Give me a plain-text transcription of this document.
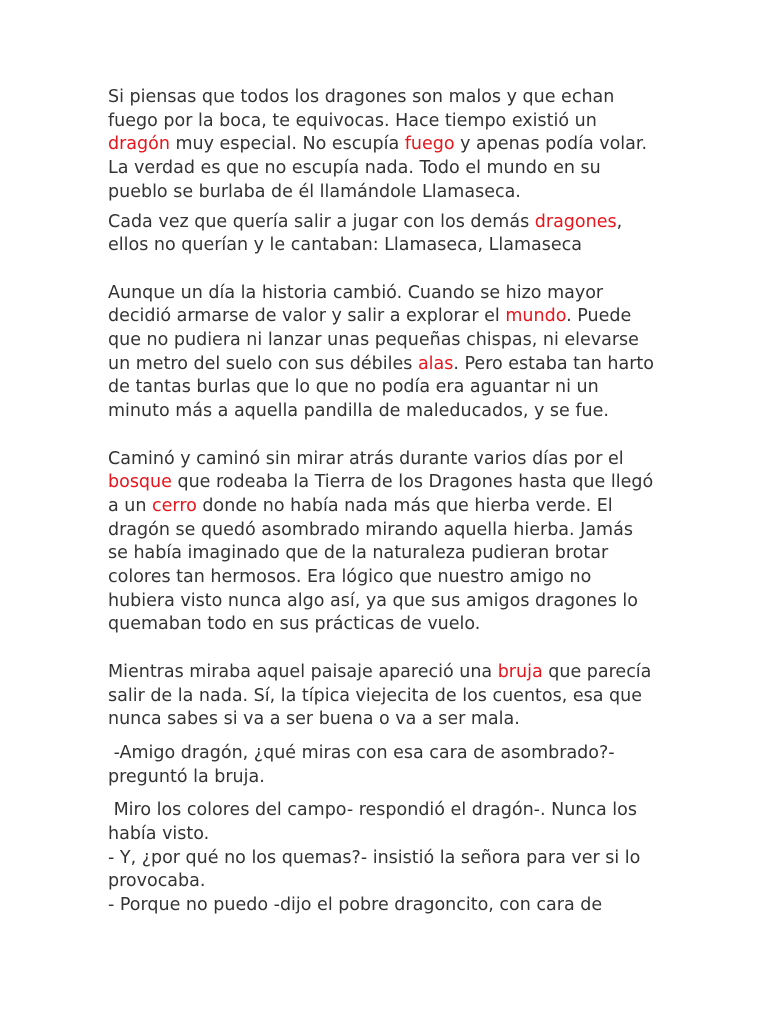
Si piensas que todos los dragones son malos y que echan
fuego por la boca, te equivocas. Hace tiempo existió un
dragón muy especial. No escupía fuego y apenas podía volar.
La verdad es que no escupía nada. Todo el mundo en su
pueblo se burlaba de él llamándole Llamaseca.

Cada vez que quería salir a jugar con los demás dragones,
ellos no querían y le cantaban: Llamaseca, Llamaseca

Aunque un día la historia cambió. Cuando se hizo mayor
decidió armarse de valor y salir a explorar el mundo. Puede
que no pudiera ni lanzar unas pequeñas chispas, ni elevarse
un metro del suelo con sus débiles alas. Pero estaba tan harto
de tantas burlas que lo que no podía era aguantar ni un
minuto más a aquella pandilla de maleducados, y se fue.

Caminó y caminó sin mirar atrás durante varios días por el
bosque que rodeaba la Tierra de los Dragones hasta que llegó
a un cerro donde no había nada más que hierba verde. El
dragón se quedó asombrado mirando aquella hierba. Jamás
se había imaginado que de la naturaleza pudieran brotar
colores tan hermosos. Era lógico que nuestro amigo no
hubiera visto nunca algo así, ya que sus amigos dragones lo
quemaban todo en sus prácticas de vuelo.

Mientras miraba aquel paisaje apareció una bruja que parecía
salir de la nada. Sí, la típica viejecita de los cuentos, esa que
nunca sabes si va a ser buena o va a ser mala.

-Amigo dragón, ¿qué miras con esa cara de asombrado?-
preguntó la bruja.

Miro los colores del campo- respondió el dragón-. Nunca los
había visto.
- Y, ¿por qué no los quemas?- insistió la señora para ver si lo
provocaba.
- Porque no puedo -dijo el pobre dragoncito, con cara de
